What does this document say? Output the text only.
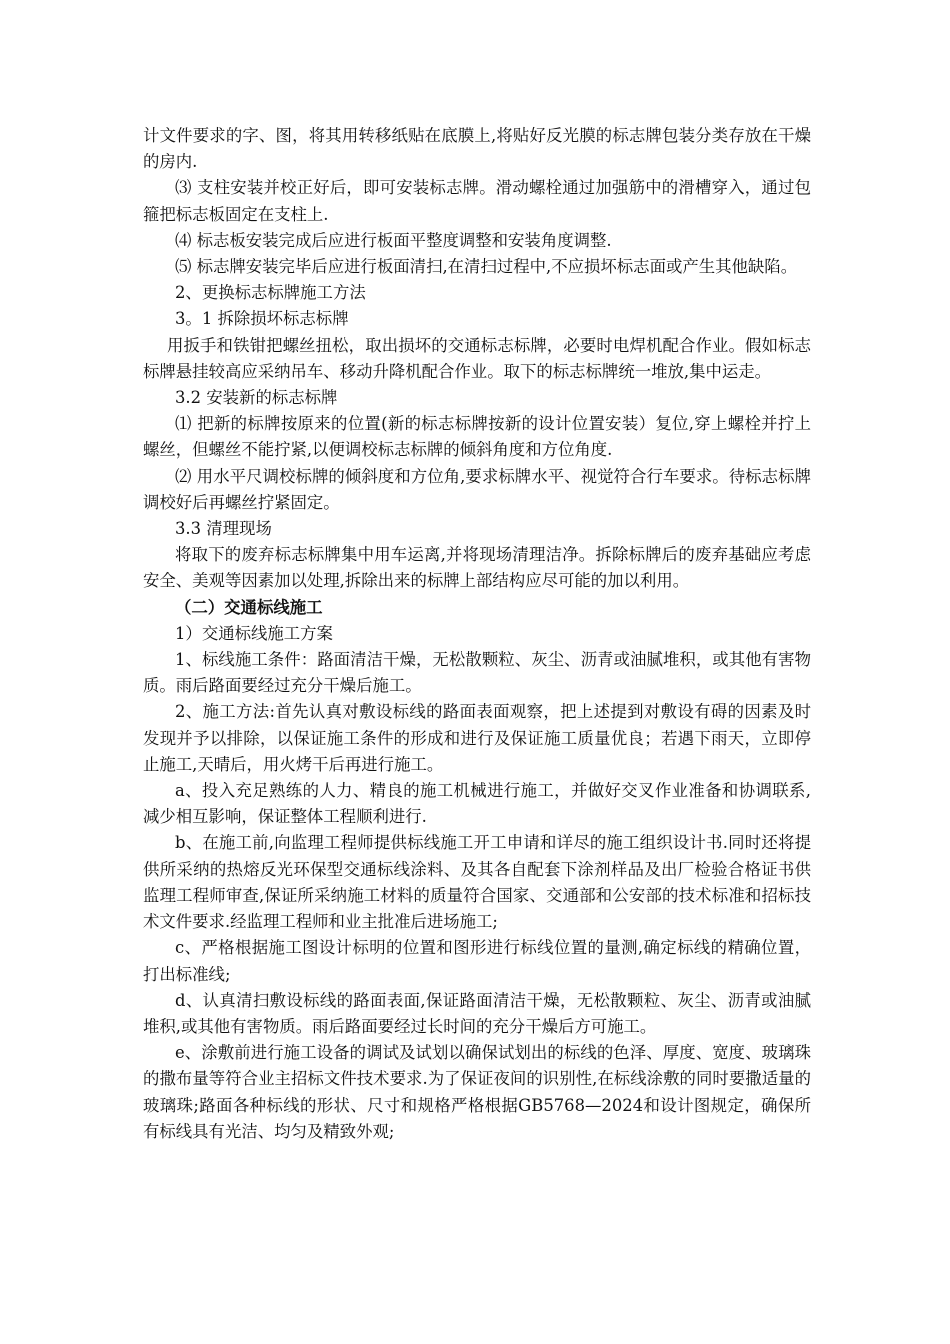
计文件要求的字、图，将其用转移纸贴在底膜上,将贴好反光膜的标志牌包装分类存放在干燥的房内.

⑶ 支柱安装并校正好后，即可安装标志牌。滑动螺栓通过加强筋中的滑槽穿入，通过包箍把标志板固定在支柱上.

⑷ 标志板安装完成后应进行板面平整度调整和安装角度调整.

⑸ 标志牌安装完毕后应进行板面清扫,在清扫过程中,不应损坏标志面或产生其他缺陷。

2、更换标志标牌施工方法

3。1 拆除损坏标志标牌

用扳手和铁钳把螺丝扭松，取出损坏的交通标志标牌，必要时电焊机配合作业。假如标志标牌悬挂较高应采纳吊车、移动升降机配合作业。取下的标志标牌统一堆放,集中运走。

3.2 安装新的标志标牌

⑴ 把新的标牌按原来的位置(新的标志标牌按新的设计位置安装）复位,穿上螺栓并拧上螺丝，但螺丝不能拧紧,以便调校标志标牌的倾斜角度和方位角度.

⑵ 用水平尺调校标牌的倾斜度和方位角,要求标牌水平、视觉符合行车要求。待标志标牌调校好后再螺丝拧紧固定。

3.3 清理现场

将取下的废弃标志标牌集中用车运离,并将现场清理洁净。拆除标牌后的废弃基础应考虑安全、美观等因素加以处理,拆除出来的标牌上部结构应尽可能的加以利用。

（二）交通标线施工

1）交通标线施工方案

1、标线施工条件：路面清洁干燥，无松散颗粒、灰尘、沥青或油腻堆积，或其他有害物质。雨后路面要经过充分干燥后施工。

2、施工方法:首先认真对敷设标线的路面表面观察，把上述提到对敷设有碍的因素及时发现并予以排除，以保证施工条件的形成和进行及保证施工质量优良；若遇下雨天，立即停止施工,天晴后，用火烤干后再进行施工。

a、投入充足熟练的人力、精良的施工机械进行施工，并做好交叉作业准备和协调联系,减少相互影响，保证整体工程顺利进行.

b、在施工前,向监理工程师提供标线施工开工申请和详尽的施工组织设计书.同时还将提供所采纳的热熔反光环保型交通标线涂料、及其各自配套下涂剂样品及出厂检验合格证书供监理工程师审查,保证所采纳施工材料的质量符合国家、交通部和公安部的技术标准和招标技术文件要求.经监理工程师和业主批准后进场施工;

c、严格根据施工图设计标明的位置和图形进行标线位置的量测,确定标线的精确位置，打出标准线;

d、认真清扫敷设标线的路面表面,保证路面清洁干燥，无松散颗粒、灰尘、沥青或油腻堆积,或其他有害物质。雨后路面要经过长时间的充分干燥后方可施工。

e、涂敷前进行施工设备的调试及试划以确保试划出的标线的色泽、厚度、宽度、玻璃珠的撒布量等符合业主招标文件技术要求.为了保证夜间的识别性,在标线涂敷的同时要撒适量的玻璃珠;路面各种标线的形状、尺寸和规格严格根据GB5768—2024和设计图规定，确保所有标线具有光洁、均匀及精致外观;
